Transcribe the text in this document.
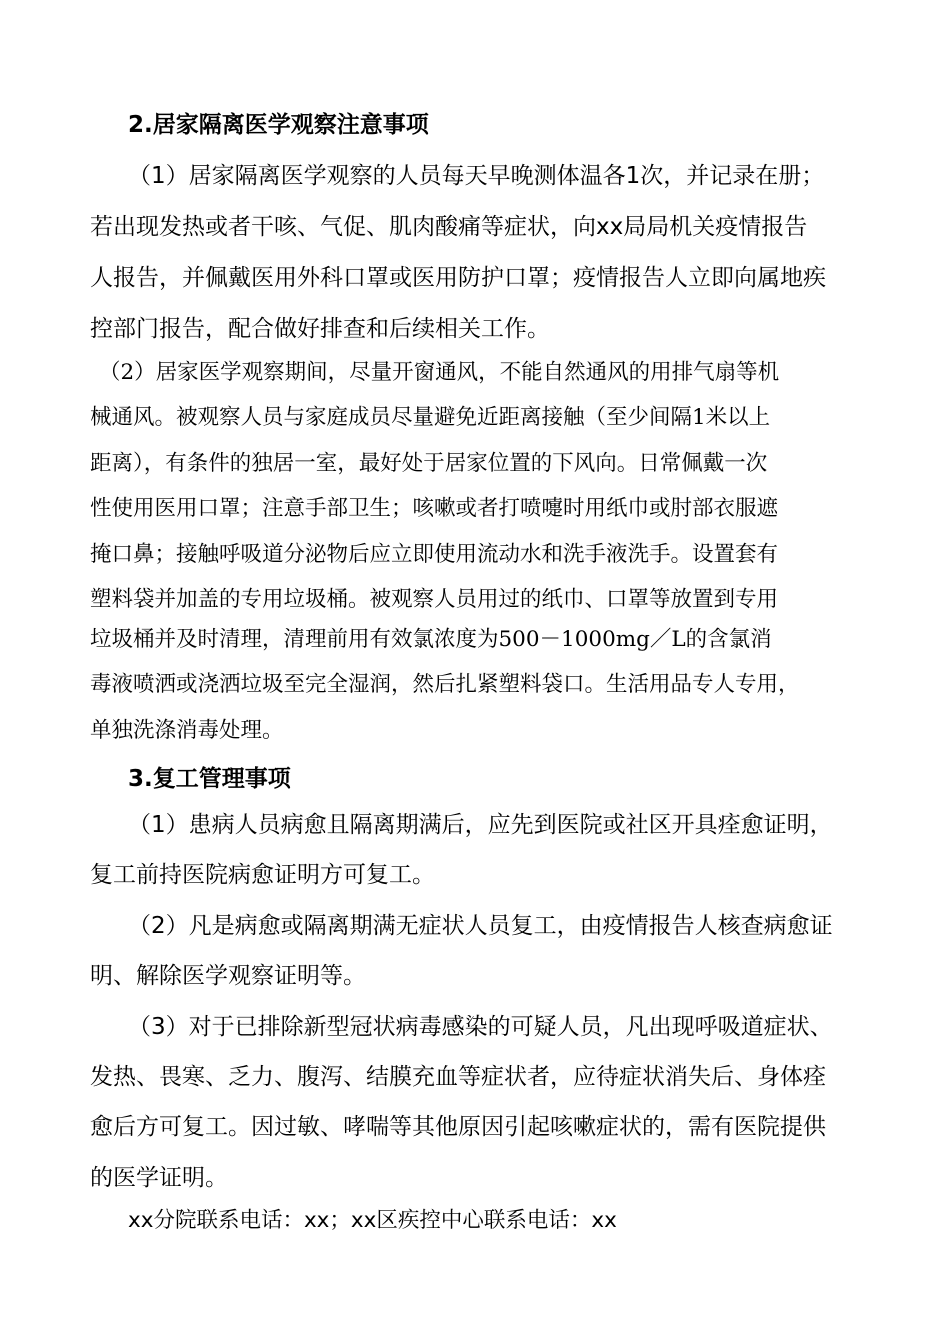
2.居家隔离医学观察注意事项
（1）居家隔离医学观察的人员每天早晚测体温各1次，并记录在册；
若出现发热或者干咳、气促、肌肉酸痛等症状，向xx局局机关疫情报告
人报告，并佩戴医用外科口罩或医用防护口罩；疫情报告人立即向属地疾
控部门报告，配合做好排查和后续相关工作。
（2）居家医学观察期间，尽量开窗通风，不能自然通风的用排气扇等机
械通风。被观察人员与家庭成员尽量避免近距离接触（至少间隔1米以上
距离），有条件的独居一室，最好处于居家位置的下风向。日常佩戴一次
性使用医用口罩；注意手部卫生；咳嗽或者打喷嚏时用纸巾或肘部衣服遮
掩口鼻；接触呼吸道分泌物后应立即使用流动水和洗手液洗手。设置套有
塑料袋并加盖的专用垃圾桶。被观察人员用过的纸巾、口罩等放置到专用
垃圾桶并及时清理，清理前用有效氯浓度为500－1000mg／L的含氯消
毒液喷洒或浇洒垃圾至完全湿润，然后扎紧塑料袋口。生活用品专人专用，
单独洗涤消毒处理。
3.复工管理事项
（1）患病人员病愈且隔离期满后，应先到医院或社区开具痊愈证明，
复工前持医院病愈证明方可复工。
（2）凡是病愈或隔离期满无症状人员复工，由疫情报告人核查病愈证
明、解除医学观察证明等。
（3）对于已排除新型冠状病毒感染的可疑人员，凡出现呼吸道症状、
发热、畏寒、乏力、腹泻、结膜充血等症状者，应待症状消失后、身体痊
愈后方可复工。因过敏、哮喘等其他原因引起咳嗽症状的，需有医院提供
的医学证明。
xx分院联系电话：xx；xx区疾控中心联系电话：xx
